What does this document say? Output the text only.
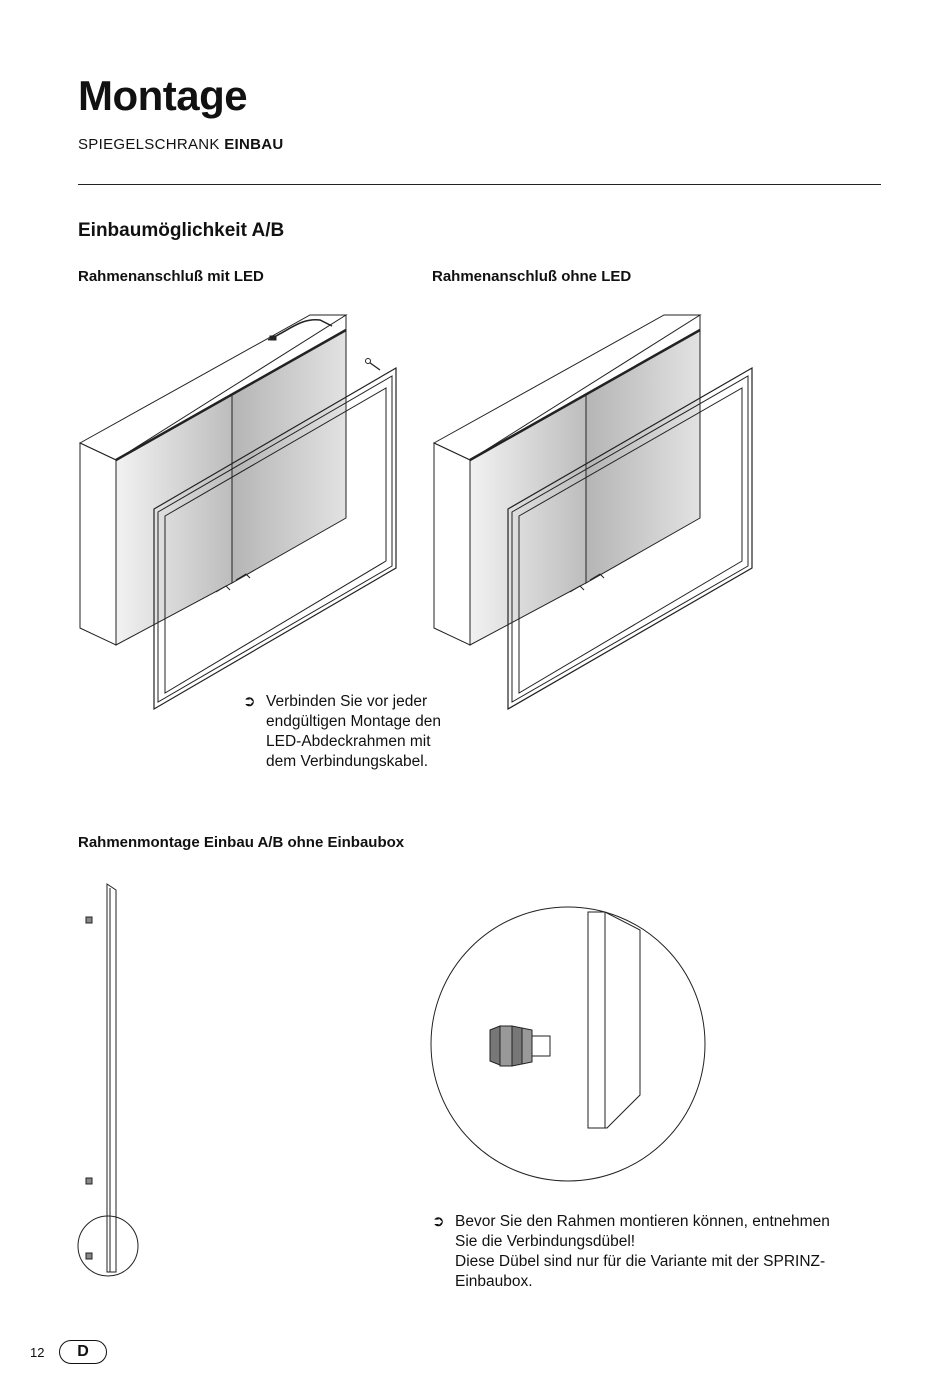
Montage
SPIEGELSCHRANK EINBAU
Einbaumöglichkeit A/B
Rahmenanschluß mit LED	Rahmenanschluß ohne LED
➲ Verbinden Sie vor jeder
endgültigen Montage den
LED-Abdeckrahmen mit
dem Verbindungskabel.
Rahmenmontage Einbau A/B ohne Einbaubox
➲ Bevor Sie den Rahmen montieren können, entnehmen
Sie die Verbindungsdübel!
Diese Dübel sind nur für die Variante mit der SPRINZ-
Einbaubox.
12	D
